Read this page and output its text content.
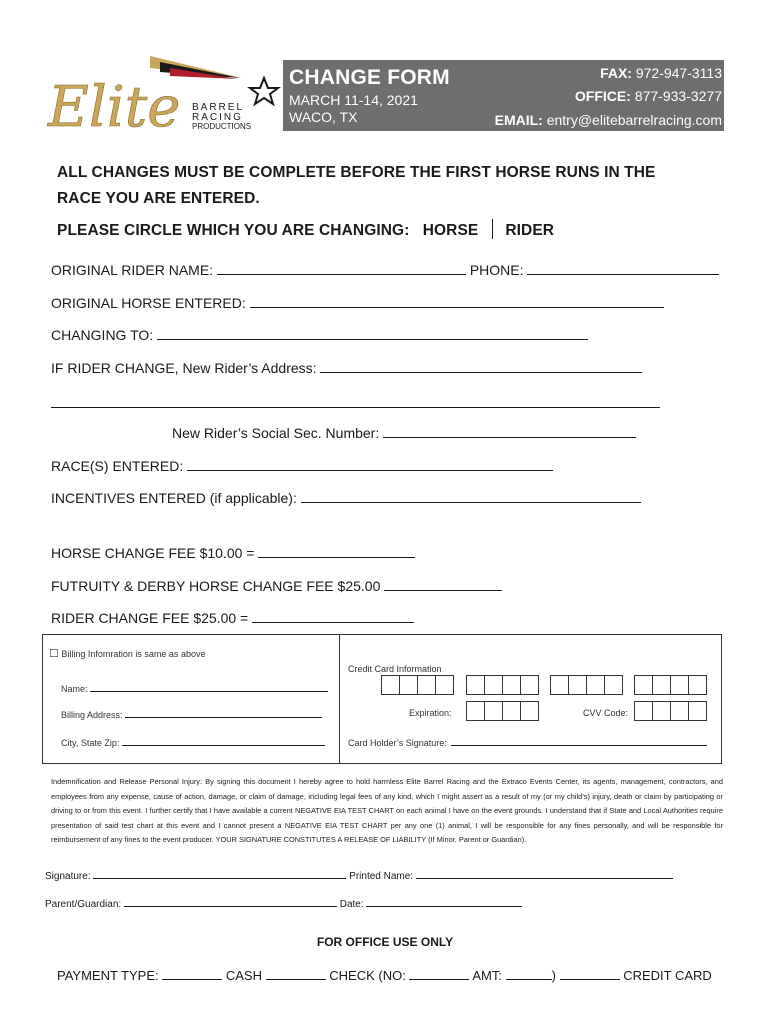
Elite BARREL
RACING
PRODUCTIONS
CHANGE FORM
MARCH 11-14, 2021
WACO, TX
FAX: 972-947-3113
OFFICE: 877-933-3277
EMAIL: entry@elitebarrelracing.com
ALL CHANGES MUST BE COMPLETE BEFORE THE FIRST HORSE RUNS IN THE
RACE YOU ARE ENTERED.
PLEASE CIRCLE WHICH YOU ARE CHANGING: HORSE RIDER
ORIGINAL RIDER NAME:	PHONE:
ORIGINAL HORSE ENTERED:
CHANGING TO:
IF RIDER CHANGE, New Rider’s Address:
New Rider’s Social Sec. Number:
RACE(S) ENTERED:
INCENTIVES ENTERED (if applicable):
HORSE CHANGE FEE $10.00 =
FUTRUITY & DERBY HORSE CHANGE FEE $25.00
RIDER CHANGE FEE $25.00 =
☐ Billing Infomration is same as above
Name:
Billing Address:
City, State Zip:
Credit Card Information
Expiration:	CVV Code:
Card Holder’s Signature:
Indemnification and Release Personal Injury: By signing this document I hereby agree to hold harmless Elite Barrel Racing and the Extraco Events Center, its agents, management, contractors, and employees from any expense, cause of action, damage, or claim of damage, including legal fees of any kind, which I might assert as a result of my (or my child’s) injury, death or claim by participating or driving to or from this event. I further certify that I have available a current NEGATIVE EIA TEST CHART on each animal I have on the event grounds. I understand that if State and Local Authorities require presentation of said test chart at this event and I cannot present a NEGATIVE EIA TEST CHART per any one (1) animal, I will be responsible for any fines personally, and will be responsible for reimbursement of any fines to the event producer. YOUR SIGNATURE CONSTITUTES A RELEASE OF LIABILITY (If Minor, Parent or Guardian).
Signature:	Printed Name:
Parent/Guardian:	Date:
FOR OFFICE USE ONLY
PAYMENT TYPE:	CASH	CHECK (NO:	AMT:	)	CREDIT CARD
